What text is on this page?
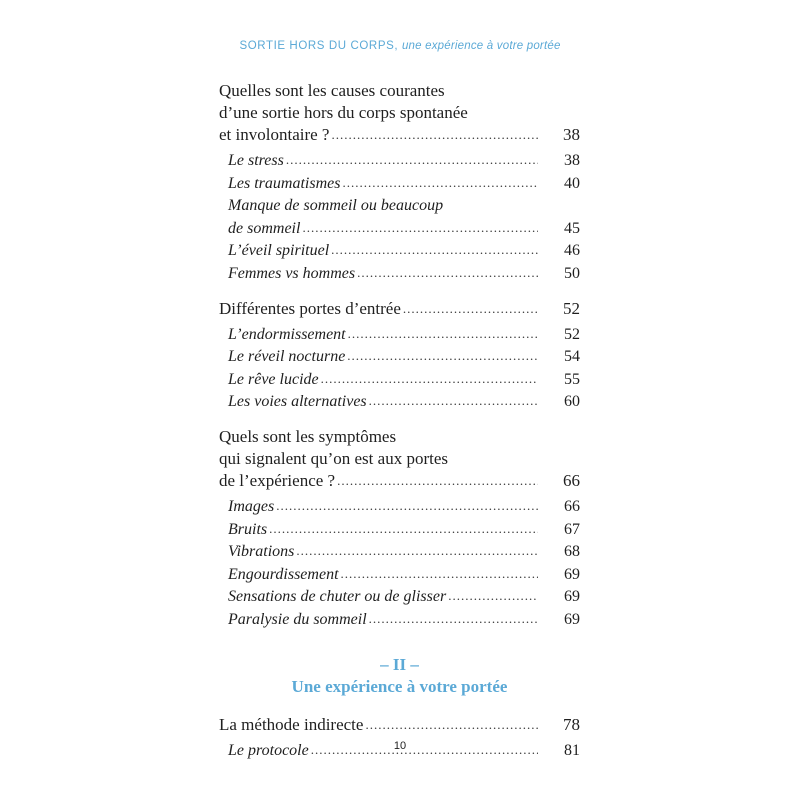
SORTIE HORS DU CORPS, une expérience à votre portée

Quelles sont les causes courantes

d’une sortie hors du corps spontanée

et involontaire ? .....	38
Le stress .....	38
Les traumatismes .....	40
Manque de sommeil ou beaucoup
de sommeil .....	45
L’éveil spirituel .....	46
Femmes vs hommes .....	50
Différentes portes d’entrée .....	52
L’endormissement .....	52
Le réveil nocturne .....	54
Le rêve lucide .....	55
Les voies alternatives .....	60

Quels sont les symptômes

qui signalent qu’on est aux portes

de l’expérience ? .....	66
Images .....	66
Bruits .....	67
Vibrations .....	68
Engourdissement .....	69
Sensations de chuter ou de glisser .....	69
Paralysie du sommeil .....	69
– II –
Une expérience à votre portée
La méthode indirecte .....	78
Le protocole .....	81
10
